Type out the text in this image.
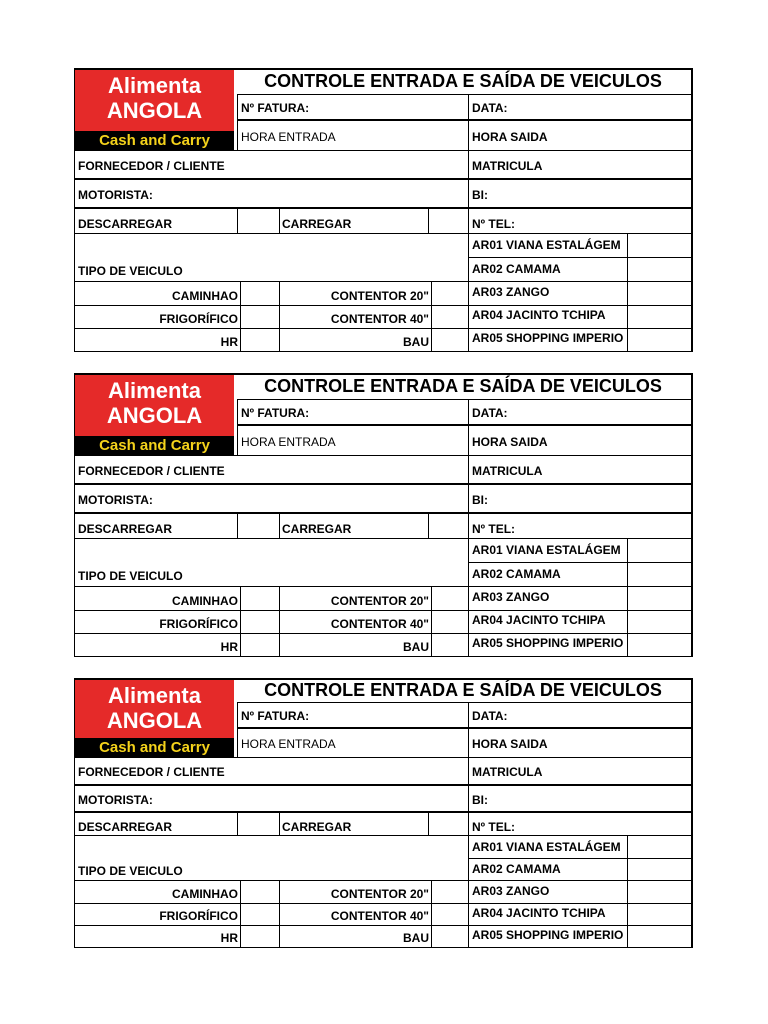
Alimenta
ANGOLA
Cash and Carry
CONTROLE ENTRADA E SAÍDA DE VEICULOS
Nº FATURA:	DATA:
HORA ENTRADA	HORA SAIDA
FORNECEDOR / CLIENTE	MATRICULA
MOTORISTA:	BI:
DESCARREGAR	CARREGAR	Nº TEL:
AR01 VIANA ESTALÁGEM
TIPO DE VEICULO	AR02 CAMAMA
CAMINHAO	CONTENTOR 20"	AR03 ZANGO
FRIGORÍFICO	CONTENTOR 40"	AR04 JACINTO TCHIPA
HR	BAU	AR05 SHOPPING IMPERIO
Alimenta
ANGOLA
Cash and Carry
CONTROLE ENTRADA E SAÍDA DE VEICULOS
Nº FATURA:	DATA:
HORA ENTRADA	HORA SAIDA
FORNECEDOR / CLIENTE	MATRICULA
MOTORISTA:	BI:
DESCARREGAR	CARREGAR	Nº TEL:
AR01 VIANA ESTALÁGEM
TIPO DE VEICULO	AR02 CAMAMA
CAMINHAO	CONTENTOR 20"	AR03 ZANGO
FRIGORÍFICO	CONTENTOR 40"	AR04 JACINTO TCHIPA
HR	BAU	AR05 SHOPPING IMPERIO
Alimenta
ANGOLA
Cash and Carry
CONTROLE ENTRADA E SAÍDA DE VEICULOS
Nº FATURA:	DATA:
HORA ENTRADA	HORA SAIDA
FORNECEDOR / CLIENTE	MATRICULA
MOTORISTA:	BI:
DESCARREGAR	CARREGAR	Nº TEL:
AR01 VIANA ESTALÁGEM
TIPO DE VEICULO	AR02 CAMAMA
CAMINHAO	CONTENTOR 20"	AR03 ZANGO
FRIGORÍFICO	CONTENTOR 40"	AR04 JACINTO TCHIPA
HR	BAU	AR05 SHOPPING IMPERIO
